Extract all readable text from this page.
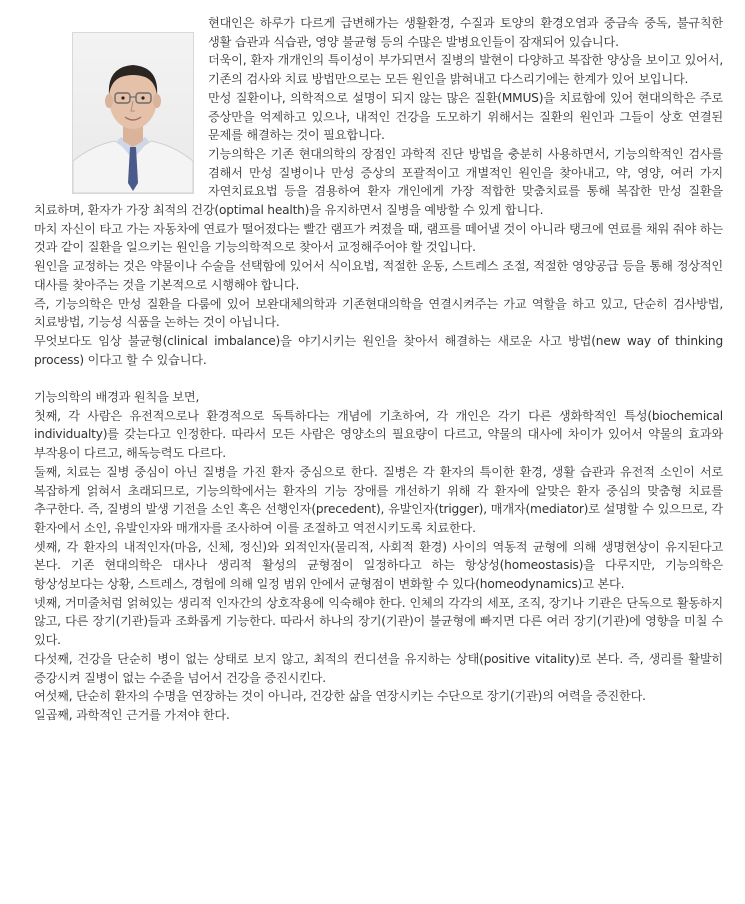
현대인은 하루가 다르게 급변해가는 생활환경, 수질과 토양의 환경오염과 중금속 중독, 불규칙한 생활 습관과 식습관, 영양 불균형 등의 수많은 발병요인들이 잠재되어 있습니다.

더욱이, 환자 개개인의 특이성이 부가되면서 질병의 발현이 다양하고 복잡한 양상을 보이고 있어서, 기존의 검사와 치료 방법만으로는 모든 원인을 밝혀내고 다스리기에는 한계가 있어 보입니다.

만성 질환이나, 의학적으로 설명이 되지 않는 많은 질환(MMUS)을 치료함에 있어 현대의학은 주로 증상만을 억제하고 있으나, 내적인 건강을 도모하기 위해서는 질환의 원인과 그들이 상호 연결된 문제를 해결하는 것이 필요합니다.

기능의학은 기존 현대의학의 장점인 과학적 진단 방법을 충분히 사용하면서, 기능의학적인 검사를 겸해서 만성 질병이나 만성 증상의 포괄적이고 개별적인 원인을 찾아내고, 약, 영양, 여러 가지 자연치료요법 등을 겸용하여 환자 개인에게 가장 적합한 맞춤치료를 통해 복잡한 만성 질환을 치료하며, 환자가 가장 최적의 건강(optimal health)을 유지하면서 질병을 예방할 수 있게 합니다.

마치 자신이 타고 가는 자동차에 연료가 떨어졌다는 빨간 램프가 켜졌을 때, 램프를 떼어낼 것이 아니라 탱크에 연료를 채워 줘야 하는 것과 같이 질환을 일으키는 원인을 기능의학적으로 찾아서 교정해주어야 할 것입니다.

원인을 교정하는 것은 약물이나 수술을 선택함에 있어서 식이요법, 적절한 운동, 스트레스 조절, 적절한 영양공급 등을 통해 정상적인 대사를 찾아주는 것을 기본적으로 시행해야 합니다.

즉, 기능의학은 만성 질환을 다룸에 있어 보완대체의학과 기존현대의학을 연결시켜주는 가교 역할을 하고 있고, 단순히 검사방법, 치료방법, 기능성 식품을 논하는 것이 아닙니다.

무엇보다도 임상 불균형(clinical imbalance)을 야기시키는 원인을 찾아서 해결하는 새로운 사고 방법(new way of thinking process) 이다고 할 수 있습니다.

기능의학의 배경과 원칙을 보면,

첫째, 각 사람은 유전적으로나 환경적으로 독특하다는 개념에 기초하여, 각 개인은 각기 다른 생화학적인 특성(biochemical individualty)를 갖는다고 인정한다. 따라서 모든 사람은 영양소의 필요량이 다르고, 약물의 대사에 차이가 있어서 약물의 효과와 부작용이 다르고, 해독능력도 다르다.

둘째, 치료는 질병 중심이 아닌 질병을 가진 환자 중심으로 한다. 질병은 각 환자의 특이한 환경, 생활 습관과 유전적 소인이 서로 복잡하게 얽혀서 초래되므로, 기능의학에서는 환자의 기능 장애를 개선하기 위해 각 환자에 알맞은 환자 중심의 맞춤형 치료를 추구한다. 즉, 질병의 발생 기전을 소인 혹은 선행인자(precedent), 유발인자(trigger), 매개자(mediator)로 설명할 수 있으므로, 각 환자에서 소인, 유발인자와 매개자를 조사하여 이를 조절하고 역전시키도록 치료한다.

셋째, 각 환자의 내적인자(마음, 신체, 정신)와 외적인자(물리적, 사회적 환경) 사이의 역동적 균형에 의해 생명현상이 유지된다고 본다. 기존 현대의학은 대사나 생리적 활성의 균형점이 일정하다고 하는 항상성(homeostasis)을 다루지만, 기능의학은 항상성보다는 상황, 스트레스, 경험에 의해 일정 범위 안에서 균형점이 변화할 수 있다(homeodynamics)고 본다.

넷째, 거미줄처럼 얽혀있는 생리적 인자간의 상호작용에 익숙해야 한다. 인체의 각각의 세포, 조직, 장기나 기관은 단독으로 활동하지 않고, 다른 장기(기관)들과 조화롭게 기능한다. 따라서 하나의 장기(기관)이 불균형에 빠지면 다른 여러 장기(기관)에 영향을 미칠 수 있다.

다섯째, 건강을 단순히 병이 없는 상태로 보지 않고, 최적의 컨디션을 유지하는 상태(positive vitality)로 본다. 즉, 생리를 활발히 증강시켜 질병이 없는 수준을 넘어서 건강을 증진시킨다.

여섯째, 단순히 환자의 수명을 연장하는 것이 아니라, 건강한 삶을 연장시키는 수단으로 장기(기관)의 여력을 증진한다.

일곱째, 과학적인 근거를 가져야 한다.
